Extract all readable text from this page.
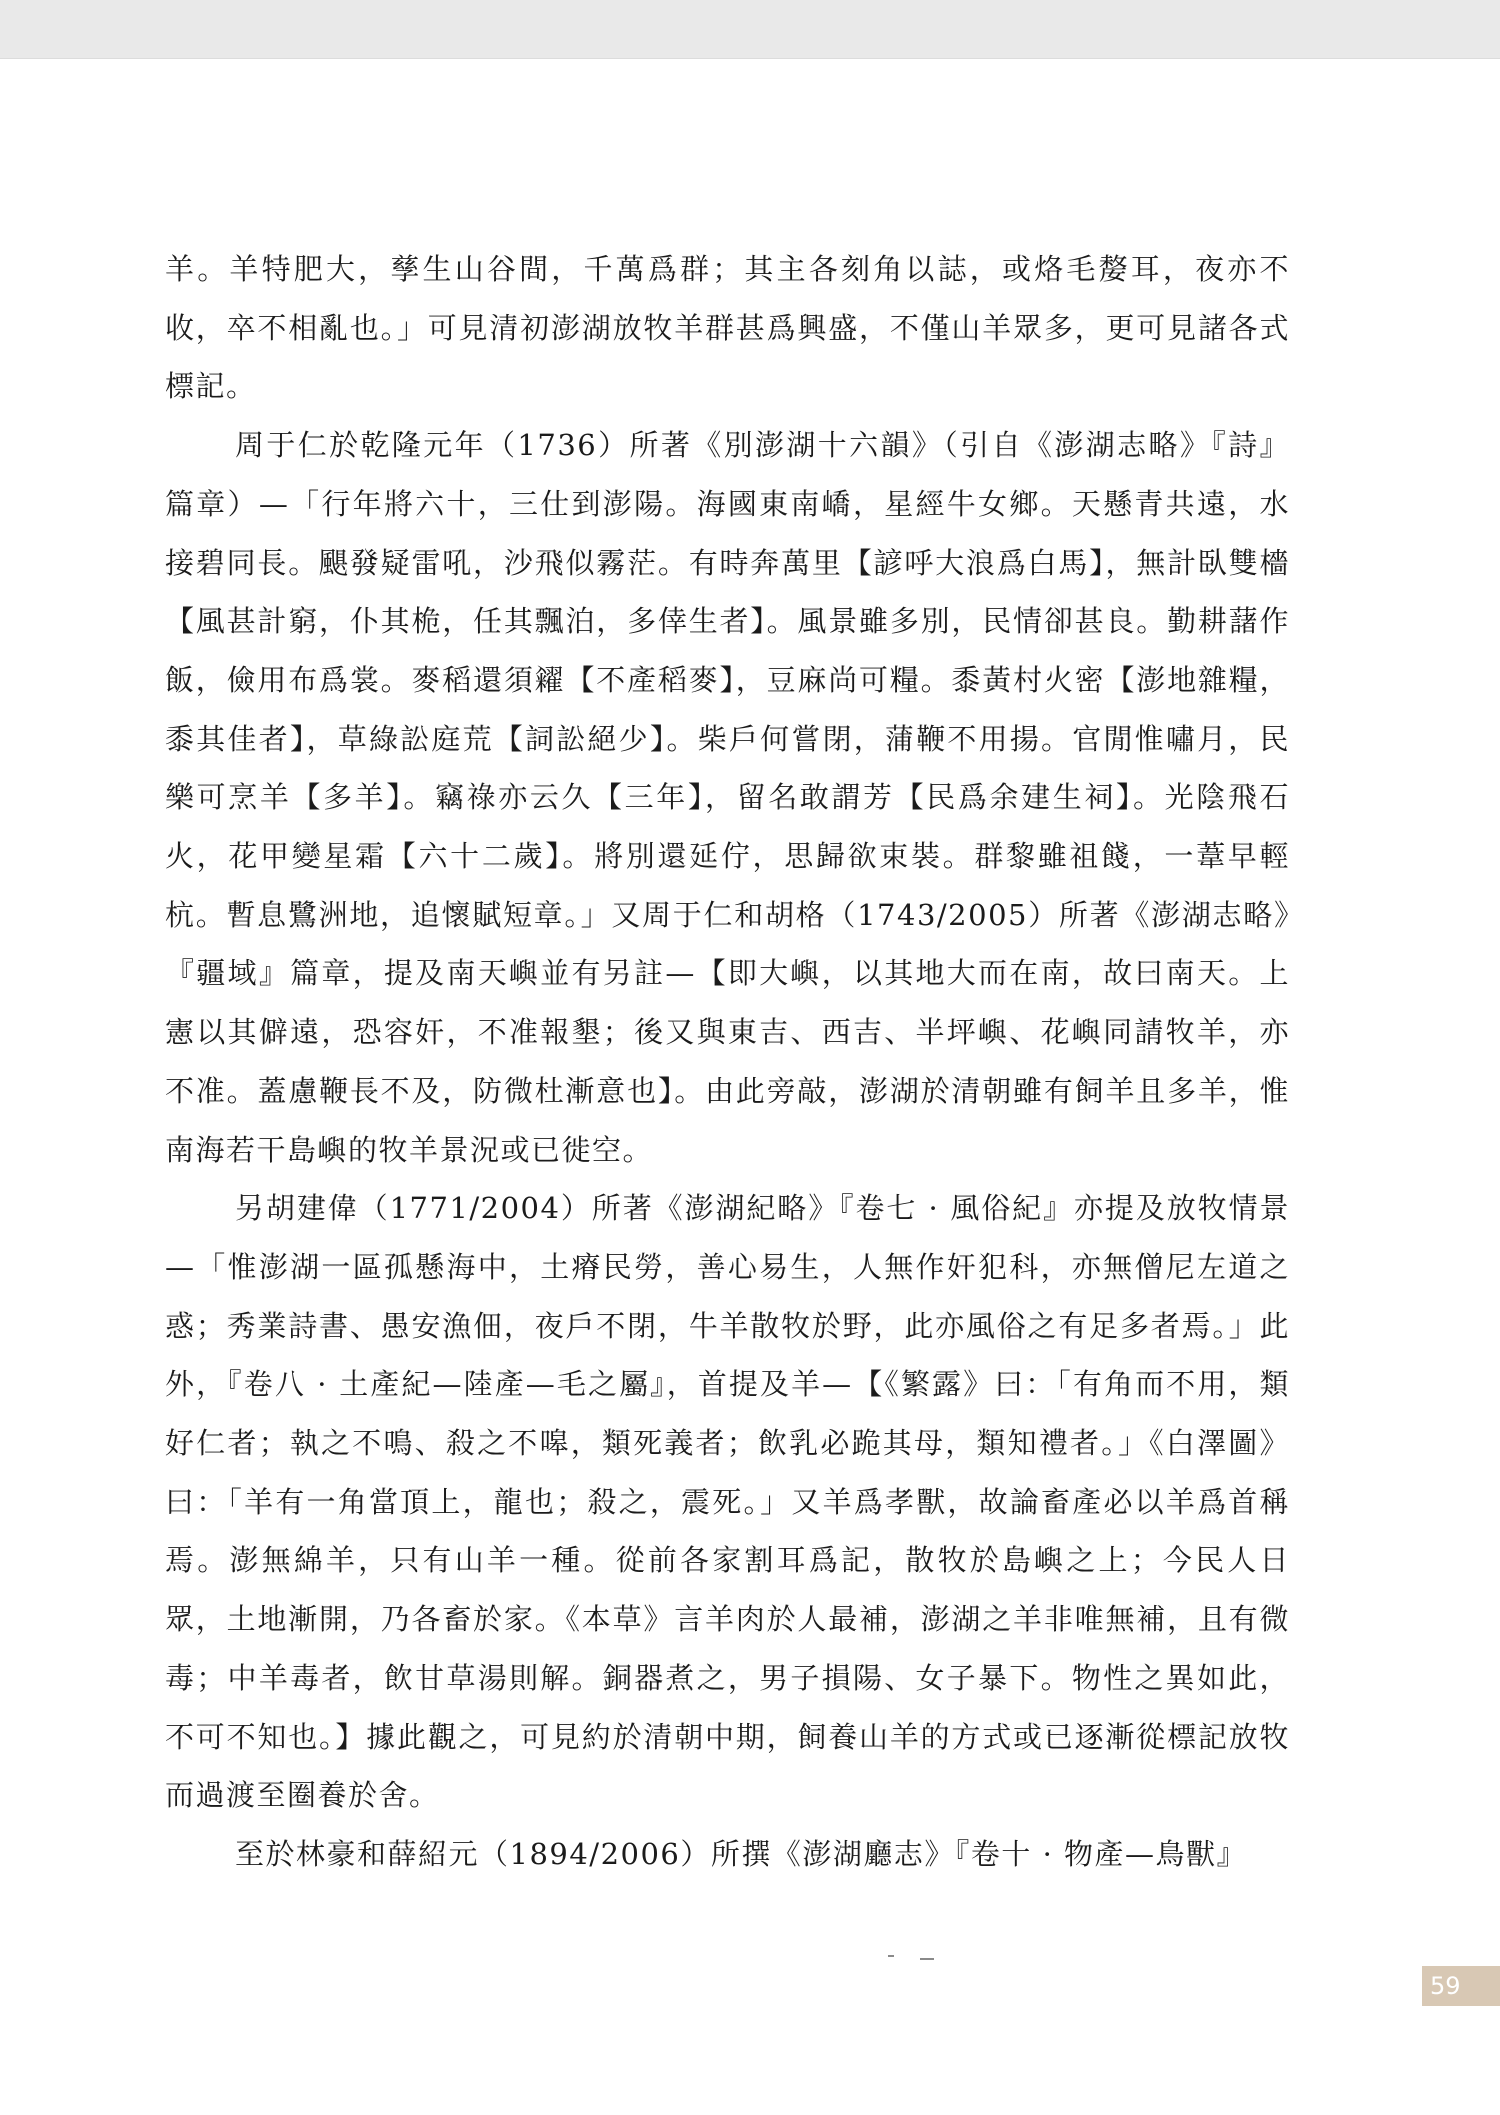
羊。羊特肥大，孳生山谷間，千萬爲群；其主各刻角以誌，或烙毛嫠耳，夜亦不收，卒不相亂也。」可見清初澎湖放牧羊群甚爲興盛，不僅山羊眾多，更可見諸各式標記。

周于仁於乾隆元年（1736）所著《別澎湖十六韻》（引自《澎湖志略》『詩』篇章）—「行年將六十，三仕到澎陽。海國東南嶠，星經牛女鄉。天懸青共遠，水接碧同長。颶發疑雷吼，沙飛似霧茫。有時奔萬里【諺呼大浪爲白馬】，無計臥雙檣【風甚計窮，仆其桅，任其飄泊，多倖生者】。風景雖多別，民情卻甚良。勤耕藷作飯，儉用布爲裳。麥稻還須糴【不產稻麥】，豆麻尚可糧。黍黃村火密【澎地雜糧，黍其佳者】，草綠訟庭荒【詞訟絕少】。柴戶何嘗閉，蒲鞭不用揚。官閒惟嘯月，民樂可烹羊【多羊】。竊祿亦云久【三年】，留名敢謂芳【民爲余建生祠】。光陰飛石火，花甲變星霜【六十二歲】。將別還延佇，思歸欲束裝。群黎雖祖餞，一葦早輕杭。暫息鷺洲地，追懷賦短章。」又周于仁和胡格（1743/2005）所著《澎湖志略》『疆域』篇章，提及南天嶼並有另註—【即大嶼，以其地大而在南，故曰南天。上憲以其僻遠，恐容奸，不准報墾；後又與東吉、西吉、半坪嶼、花嶼同請牧羊，亦不准。蓋慮鞭長不及，防微杜漸意也】。由此旁敲，澎湖於清朝雖有飼羊且多羊，惟南海若干島嶼的牧羊景況或已徙空。

另胡建偉（1771/2004）所著《澎湖紀略》『卷七 · 風俗紀』亦提及放牧情景—「惟澎湖一區孤懸海中，土瘠民勞，善心易生，人無作奸犯科，亦無僧尼左道之惑；秀業詩書、愚安漁佃，夜戶不閉，牛羊散牧於野，此亦風俗之有足多者焉。」此外，『卷八 · 土產紀—陸產—毛之屬』，首提及羊—【《繁露》曰：「有角而不用，類好仁者；執之不鳴、殺之不嗥，類死義者；飲乳必跪其母，類知禮者。」《白澤圖》曰：「羊有一角當頂上，龍也；殺之，震死。」又羊爲孝獸，故論畜產必以羊爲首稱焉。澎無綿羊，只有山羊一種。從前各家割耳爲記，散牧於島嶼之上；今民人日眾，土地漸開，乃各畜於家。《本草》言羊肉於人最補，澎湖之羊非唯無補，且有微毒；中羊毒者，飲甘草湯則解。銅器煮之，男子損陽、女子暴下。物性之異如此，不可不知也。】據此觀之，可見約於清朝中期，飼養山羊的方式或已逐漸從標記放牧而過渡至圈養於舍。

至於林豪和薛紹元（1894/2006）所撰《澎湖廳志》『卷十 · 物產—鳥獸』

59
